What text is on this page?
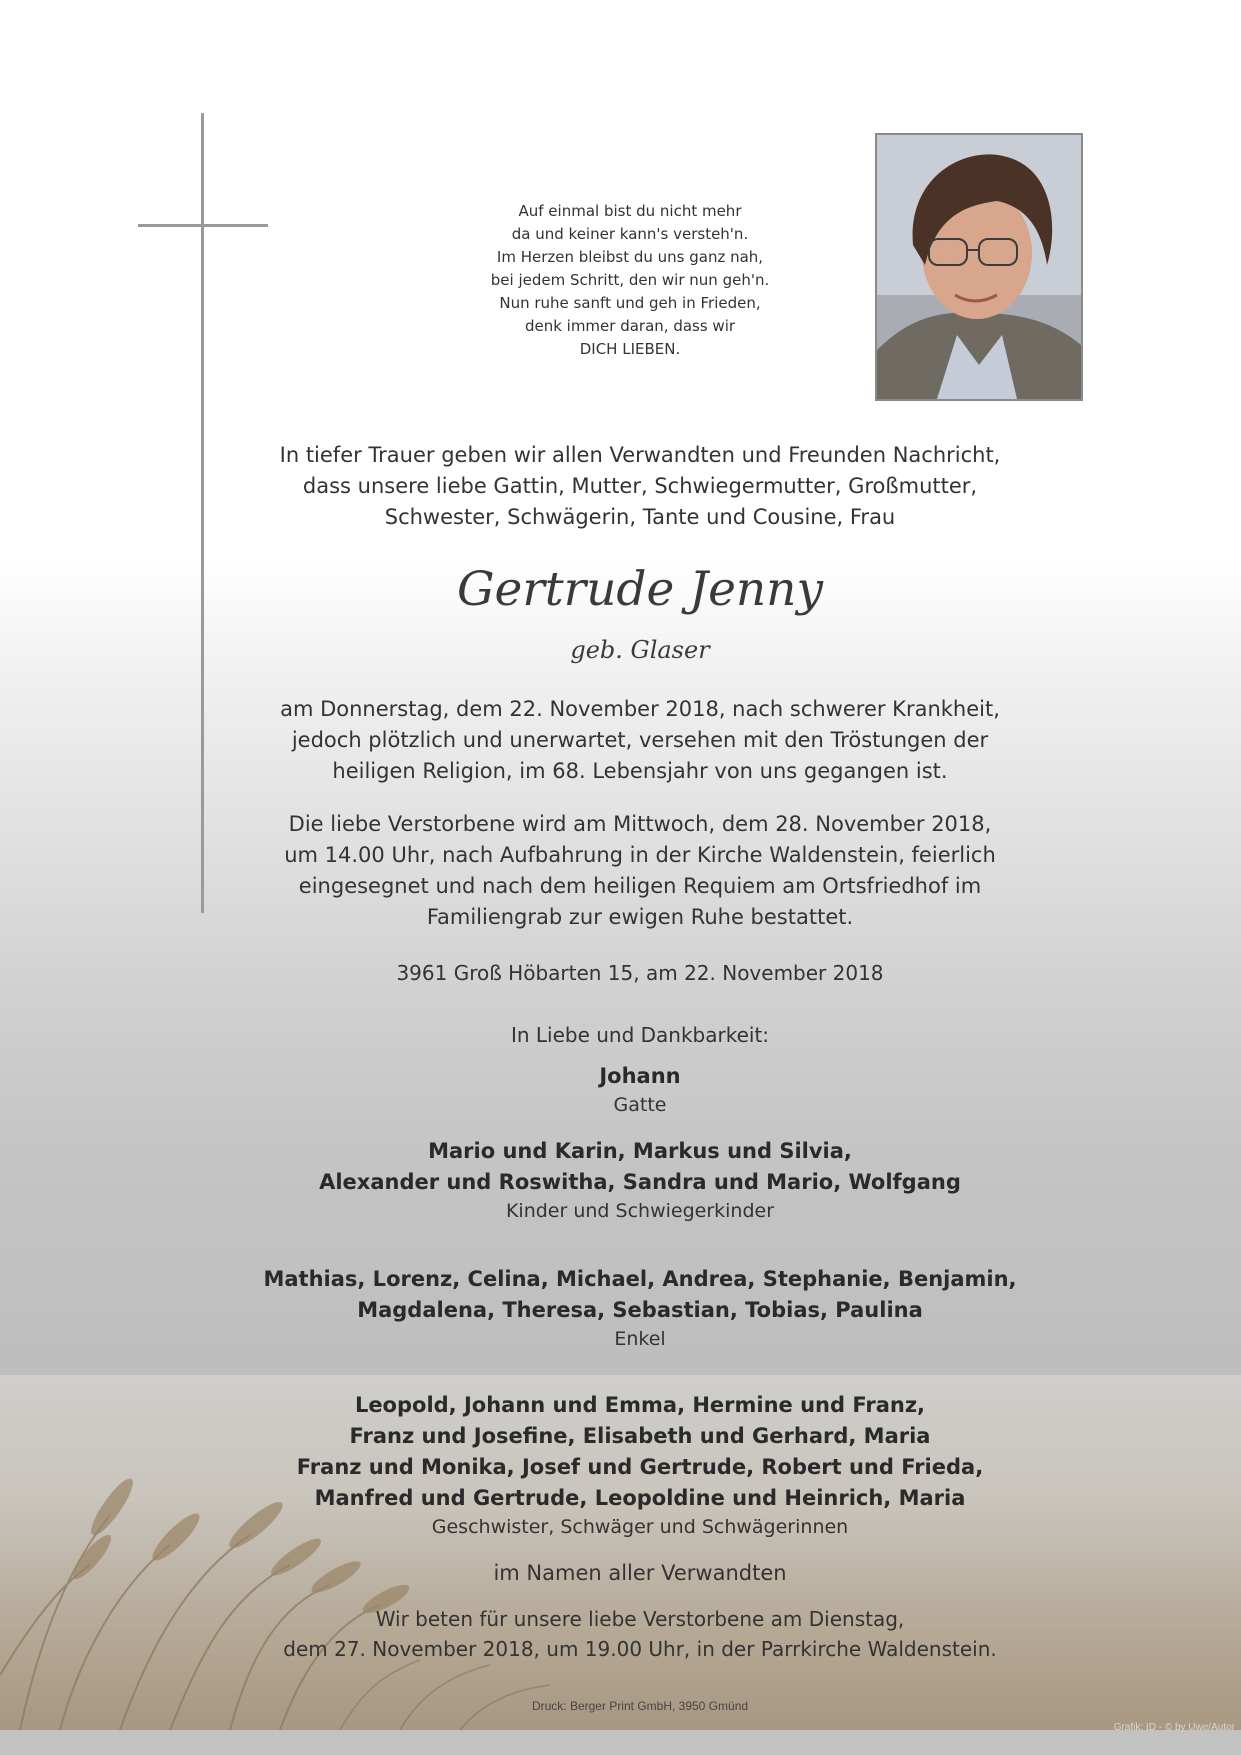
Auf einmal bist du nicht mehr
da und keiner kann's versteh'n.
Im Herzen bleibst du uns ganz nah,
bei jedem Schritt, den wir nun geh'n.
Nun ruhe sanft und geh in Frieden,
denk immer daran, dass wir
DICH LIEBEN.
In tiefer Trauer geben wir allen Verwandten und Freunden Nachricht,
dass unsere liebe Gattin, Mutter, Schwiegermutter, Großmutter,
Schwester, Schwägerin, Tante und Cousine, Frau
Gertrude Jenny
geb. Glaser
am Donnerstag, dem 22. November 2018, nach schwerer Krankheit,
jedoch plötzlich und unerwartet, versehen mit den Tröstungen der
heiligen Religion, im 68. Lebensjahr von uns gegangen ist.
Die liebe Verstorbene wird am Mittwoch, dem 28. November 2018,
um 14.00 Uhr, nach Aufbahrung in der Kirche Waldenstein, feierlich
eingesegnet und nach dem heiligen Requiem am Ortsfriedhof im
Familiengrab zur ewigen Ruhe bestattet.
3961 Groß Höbarten 15, am 22. November 2018
In Liebe und Dankbarkeit:
Johann
Gatte
Mario und Karin, Markus und Silvia,
Alexander und Roswitha, Sandra und Mario, Wolfgang
Kinder und Schwiegerkinder
Mathias, Lorenz, Celina, Michael, Andrea, Stephanie, Benjamin,
Magdalena, Theresa, Sebastian, Tobias, Paulina
Enkel
Leopold, Johann und Emma, Hermine und Franz,
Franz und Josefine, Elisabeth und Gerhard, Maria
Franz und Monika, Josef und Gertrude, Robert und Frieda,
Manfred und Gertrude, Leopoldine und Heinrich, Maria
Geschwister, Schwäger und Schwägerinnen
im Namen aller Verwandten
Wir beten für unsere liebe Verstorbene am Dienstag,
dem 27. November 2018, um 19.00 Uhr, in der Parrkirche Waldenstein.
Druck: Berger Print GmbH, 3950 Gmünd
Grafik: ID - © by Uwe/Autor
